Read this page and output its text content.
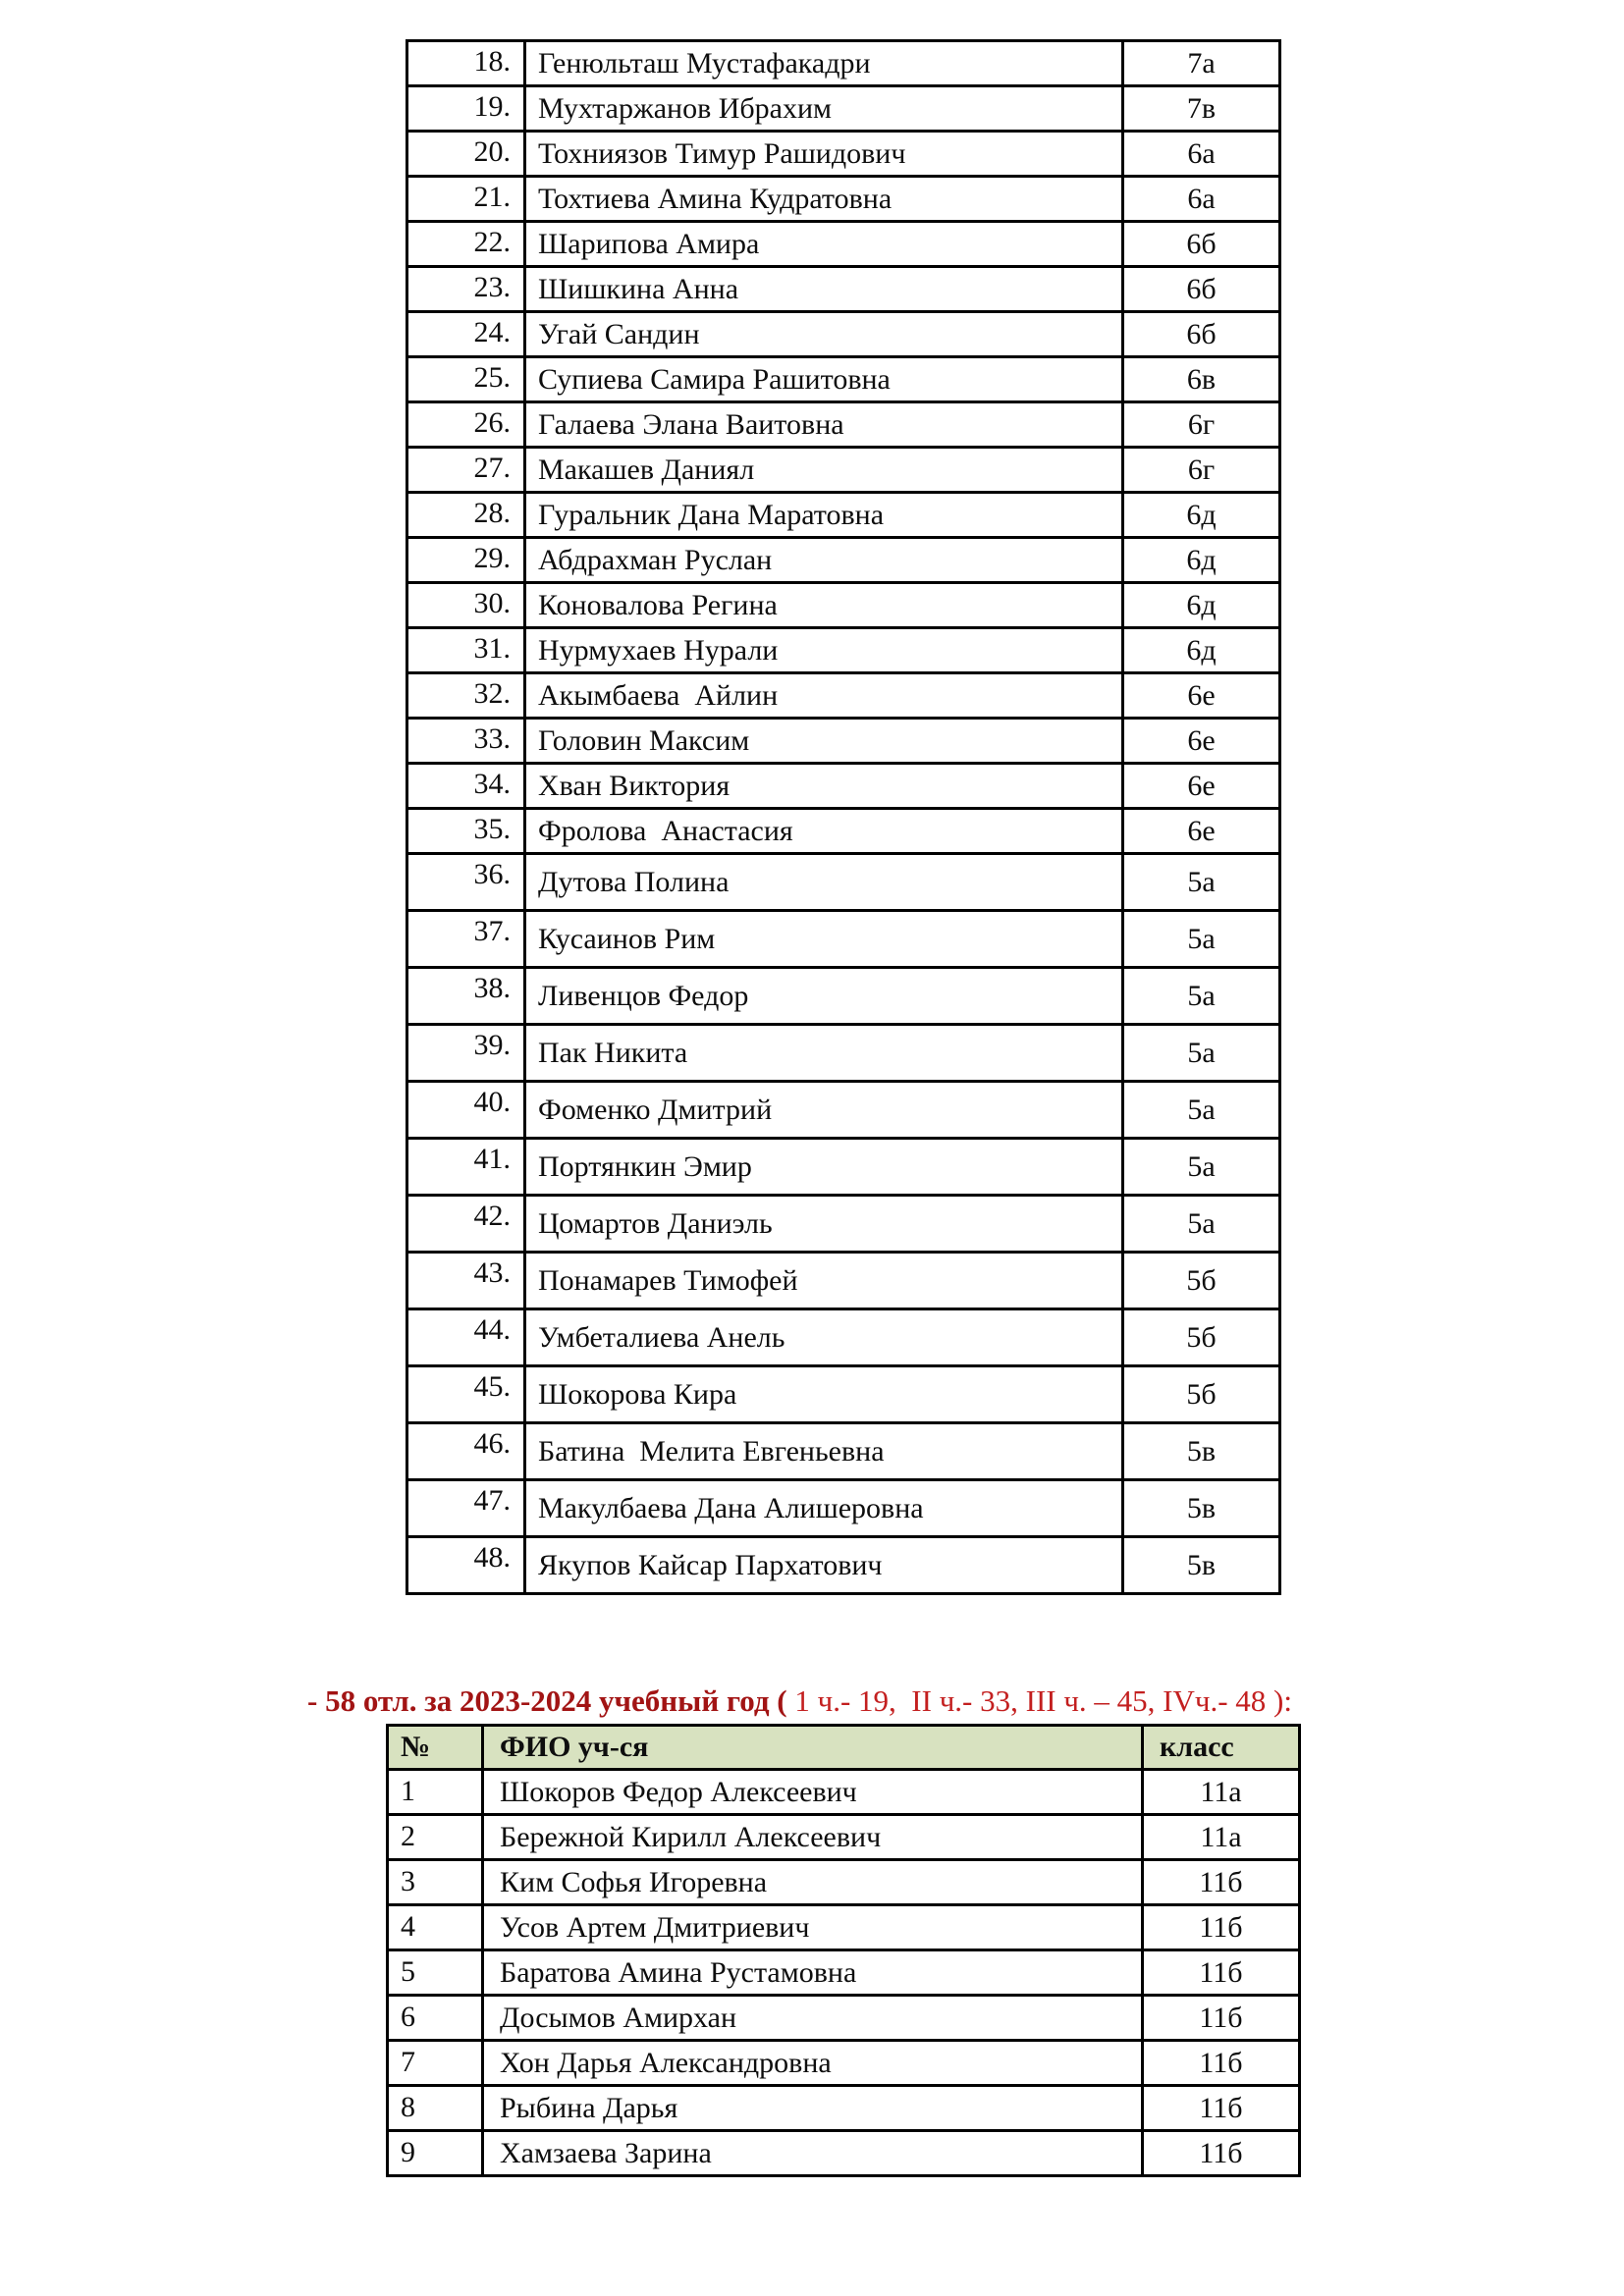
18.	Генюльташ Мустафакадри	7а
19.	Мухтаржанов Ибрахим	7в
20.	Тохниязов Тимур Рашидович	6а
21.	Тохтиева Амина Кудратовна	6а
22.	Шарипова Амира	6б
23.	Шишкина Анна	6б
24.	Угай Сандин	6б
25.	Супиева Самира Рашитовна	6в
26.	Галаева Элана Ваитовна	6г
27.	Макашев Даниял	6г
28.	Гуральник Дана Маратовна	6д
29.	Абдрахман Руслан	6д
30.	Коновалова Регина	6д
31.	Нурмухаев Нурали	6д
32.	Акымбаева  Айлин	6е
33.	Головин Максим	6е
34.	Хван Виктория	6е
35.	Фролова  Анастасия	6е
36.	Дутова Полина	5а
37.	Кусаинов Рим	5а
38.	Ливенцов Федор	5а
39.	Пак Никита	5а
40.	Фоменко Дмитрий	5а
41.	Портянкин Эмир	5а
42.	Цомартов Даниэль	5а
43.	Понамарев Тимофей	5б
44.	Умбеталиева Анель	5б
45.	Шокорова Кира	5б
46.	Батина  Мелита Евгеньевна	5в
47.	Макулбаева Дана Алишеровна	5в
48.	Якупов Кайсар Пархатович	5в

- 58 отл. за 2023-2024 учебный год ( 1 ч.- 19,  II ч.- 33, III ч. – 45, IVч.- 48 ):

№	ФИО уч-ся	класс
1	Шокоров Федор Алексеевич	11а
2	Бережной Кирилл Алексеевич	11а
3	Ким Софья Игоревна	11б
4	Усов Артем Дмитриевич	11б
5	Баратова Амина Рустамовна	11б
6	Досымов Амирхан	11б
7	Хон Дарья Александровна	11б
8	Рыбина Дарья	11б
9	Хамзаева Зарина	11б
